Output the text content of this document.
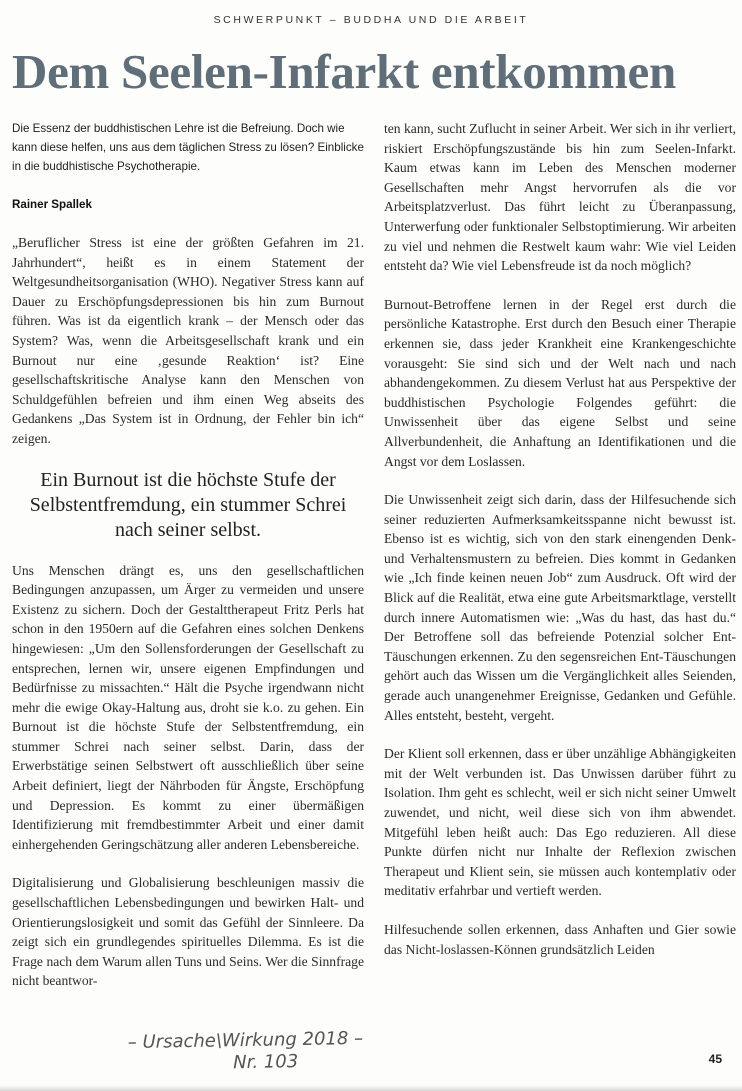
SCHWERPUNKT – BUDDHA UND DIE ARBEIT
Dem Seelen-Infarkt entkommen

Die Essenz der buddhistischen Lehre ist die Befreiung. Doch wie kann diese helfen, uns aus dem täglichen Stress zu lösen? Einblicke in die buddhistische Psychotherapie.

Rainer Spallek

„Beruflicher Stress ist eine der größten Gefahren im 21. Jahrhundert“, heißt es in einem Statement der Weltgesundheitsorganisation (WHO). Negativer Stress kann auf Dauer zu Erschöpfungsdepressionen bis hin zum Burnout führen. Was ist da eigentlich krank – der Mensch oder das System? Was, wenn die Arbeitsgesellschaft krank und ein Burnout nur eine ‚gesunde Reaktion‘ ist? Eine gesellschaftskritische Analyse kann den Menschen von Schuldgefühlen befreien und ihm einen Weg abseits des Gedankens „Das System ist in Ordnung, der Fehler bin ich“ zeigen.

Ein Burnout ist die höchste Stufe der Selbstentfremdung, ein stummer Schrei nach seiner selbst.

Uns Menschen drängt es, uns den gesellschaftlichen Bedingungen anzupassen, um Ärger zu vermeiden und unsere Existenz zu sichern. Doch der Gestalttherapeut Fritz Perls hat schon in den 1950ern auf die Gefahren eines solchen Denkens hingewiesen: „Um den Sollensforderungen der Gesellschaft zu entsprechen, lernen wir, unsere eigenen Empfindungen und Bedürfnisse zu missachten.“ Hält die Psyche irgendwann nicht mehr die ewige Okay-Haltung aus, droht sie k.o. zu gehen. Ein Burnout ist die höchste Stufe der Selbstentfremdung, ein stummer Schrei nach seiner selbst. Darin, dass der Erwerbstätige seinen Selbstwert oft ausschließlich über seine Arbeit definiert, liegt der Nährboden für Ängste, Erschöpfung und Depression. Es kommt zu einer übermäßigen Identifizierung mit fremdbestimmter Arbeit und einer damit einhergehenden Geringschätzung aller anderen Lebensbereiche.

Digitalisierung und Globalisierung beschleunigen massiv die gesellschaftlichen Lebensbedingungen und bewirken Halt- und Orientierungslosigkeit und somit das Gefühl der Sinnleere. Da zeigt sich ein grundlegendes spirituelles Dilemma. Es ist die Frage nach dem Warum allen Tuns und Seins. Wer die Sinnfrage nicht beantwor-

ten kann, sucht Zuflucht in seiner Arbeit. Wer sich in ihr verliert, riskiert Erschöpfungszustände bis hin zum Seelen-Infarkt. Kaum etwas kann im Leben des Menschen moderner Gesellschaften mehr Angst hervorrufen als die vor Arbeitsplatzverlust. Das führt leicht zu Überanpassung, Unterwerfung oder funktionaler Selbstoptimierung. Wir arbeiten zu viel und nehmen die Restwelt kaum wahr: Wie viel Leiden entsteht da? Wie viel Lebensfreude ist da noch möglich?

Burnout-Betroffene lernen in der Regel erst durch die persönliche Katastrophe. Erst durch den Besuch einer Therapie erkennen sie, dass jeder Krankheit eine Krankengeschichte vorausgeht: Sie sind sich und der Welt nach und nach abhandengekommen. Zu diesem Verlust hat aus Perspektive der buddhistischen Psychologie Folgendes geführt: die Unwissenheit über das eigene Selbst und seine Allverbundenheit, die Anhaftung an Identifikationen und die Angst vor dem Loslassen.

Die Unwissenheit zeigt sich darin, dass der Hilfesuchende sich seiner reduzierten Aufmerksamkeitsspanne nicht bewusst ist. Ebenso ist es wichtig, sich von den stark einengenden Denk- und Verhaltensmustern zu befreien. Dies kommt in Gedanken wie „Ich finde keinen neuen Job“ zum Ausdruck. Oft wird der Blick auf die Realität, etwa eine gute Arbeitsmarktlage, verstellt durch innere Automatismen wie: „Was du hast, das hast du.“ Der Betroffene soll das befreiende Potenzial solcher Ent-Täuschungen erkennen. Zu den segensreichen Ent-Täuschungen gehört auch das Wissen um die Vergänglichkeit alles Seienden, gerade auch unangenehmer Ereignisse, Gedanken und Gefühle. Alles entsteht, besteht, vergeht.

Der Klient soll erkennen, dass er über unzählige Abhängigkeiten mit der Welt verbunden ist. Das Unwissen darüber führt zu Isolation. Ihm geht es schlecht, weil er sich nicht seiner Umwelt zuwendet, und nicht, weil diese sich von ihm abwendet. Mitgefühl leben heißt auch: Das Ego reduzieren. All diese Punkte dürfen nicht nur Inhalte der Reflexion zwischen Therapeut und Klient sein, sie müssen auch kontemplativ oder meditativ erfahrbar und vertieft werden.

Hilfesuchende sollen erkennen, dass Anhaften und Gier sowie das Nicht-loslassen-Können grundsätzlich Leiden

– Ursache\Wirkung 2018 –
Nr. 103	45
